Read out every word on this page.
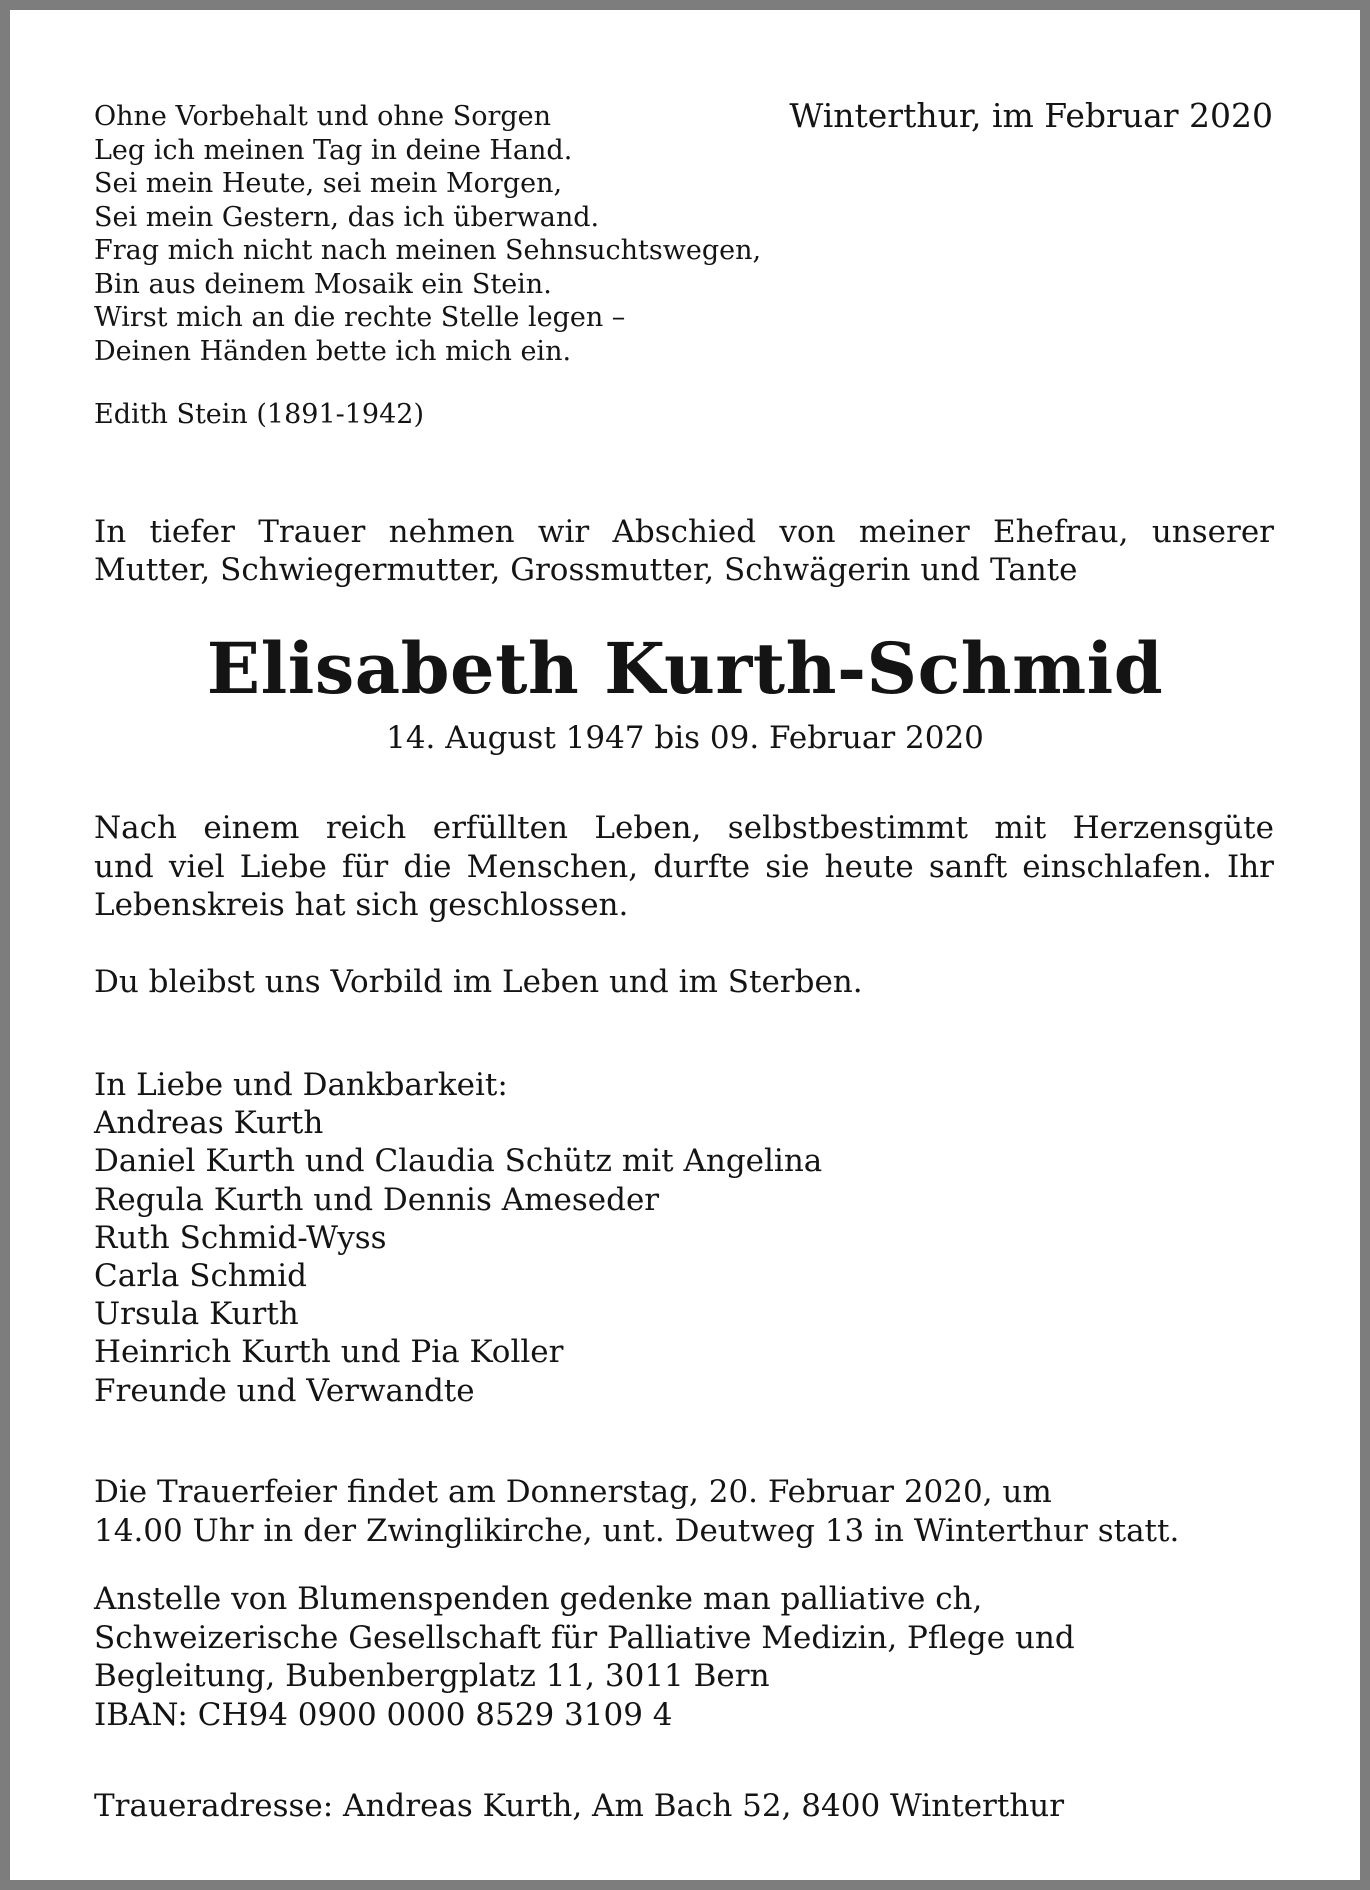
Ohne Vorbehalt und ohne Sorgen
Leg ich meinen Tag in deine Hand.
Sei mein Heute, sei mein Morgen,
Sei mein Gestern, das ich überwand.
Frag mich nicht nach meinen Sehnsuchtswegen,
Bin aus deinem Mosaik ein Stein.
Wirst mich an die rechte Stelle legen –
Deinen Händen bette ich mich ein.
Winterthur, im Februar 2020
Edith Stein (1891-1942)
In tiefer Trauer nehmen wir Abschied von meiner Ehefrau, unserer
Mutter, Schwiegermutter, Grossmutter, Schwägerin und Tante
Elisabeth Kurth-Schmid
14. August 1947 bis 09. Februar 2020
Nach einem reich erfüllten Leben, selbstbestimmt mit Herzensgüte
und viel Liebe für die Menschen, durfte sie heute sanft einschlafen. Ihr
Lebenskreis hat sich geschlossen.
Du bleibst uns Vorbild im Leben und im Sterben.
In Liebe und Dankbarkeit:
Andreas Kurth
Daniel Kurth und Claudia Schütz mit Angelina
Regula Kurth und Dennis Ameseder
Ruth Schmid-Wyss
Carla Schmid
Ursula Kurth
Heinrich Kurth und Pia Koller
Freunde und Verwandte
Die Trauerfeier findet am Donnerstag, 20. Februar 2020, um
14.00 Uhr in der Zwinglikirche, unt. Deutweg 13 in Winterthur statt.
Anstelle von Blumenspenden gedenke man palliative ch,
Schweizerische Gesellschaft für Palliative Medizin, Pflege und
Begleitung, Bubenbergplatz 11, 3011 Bern
IBAN: CH94 0900 0000 8529 3109 4
Traueradresse: Andreas Kurth, Am Bach 52, 8400 Winterthur
